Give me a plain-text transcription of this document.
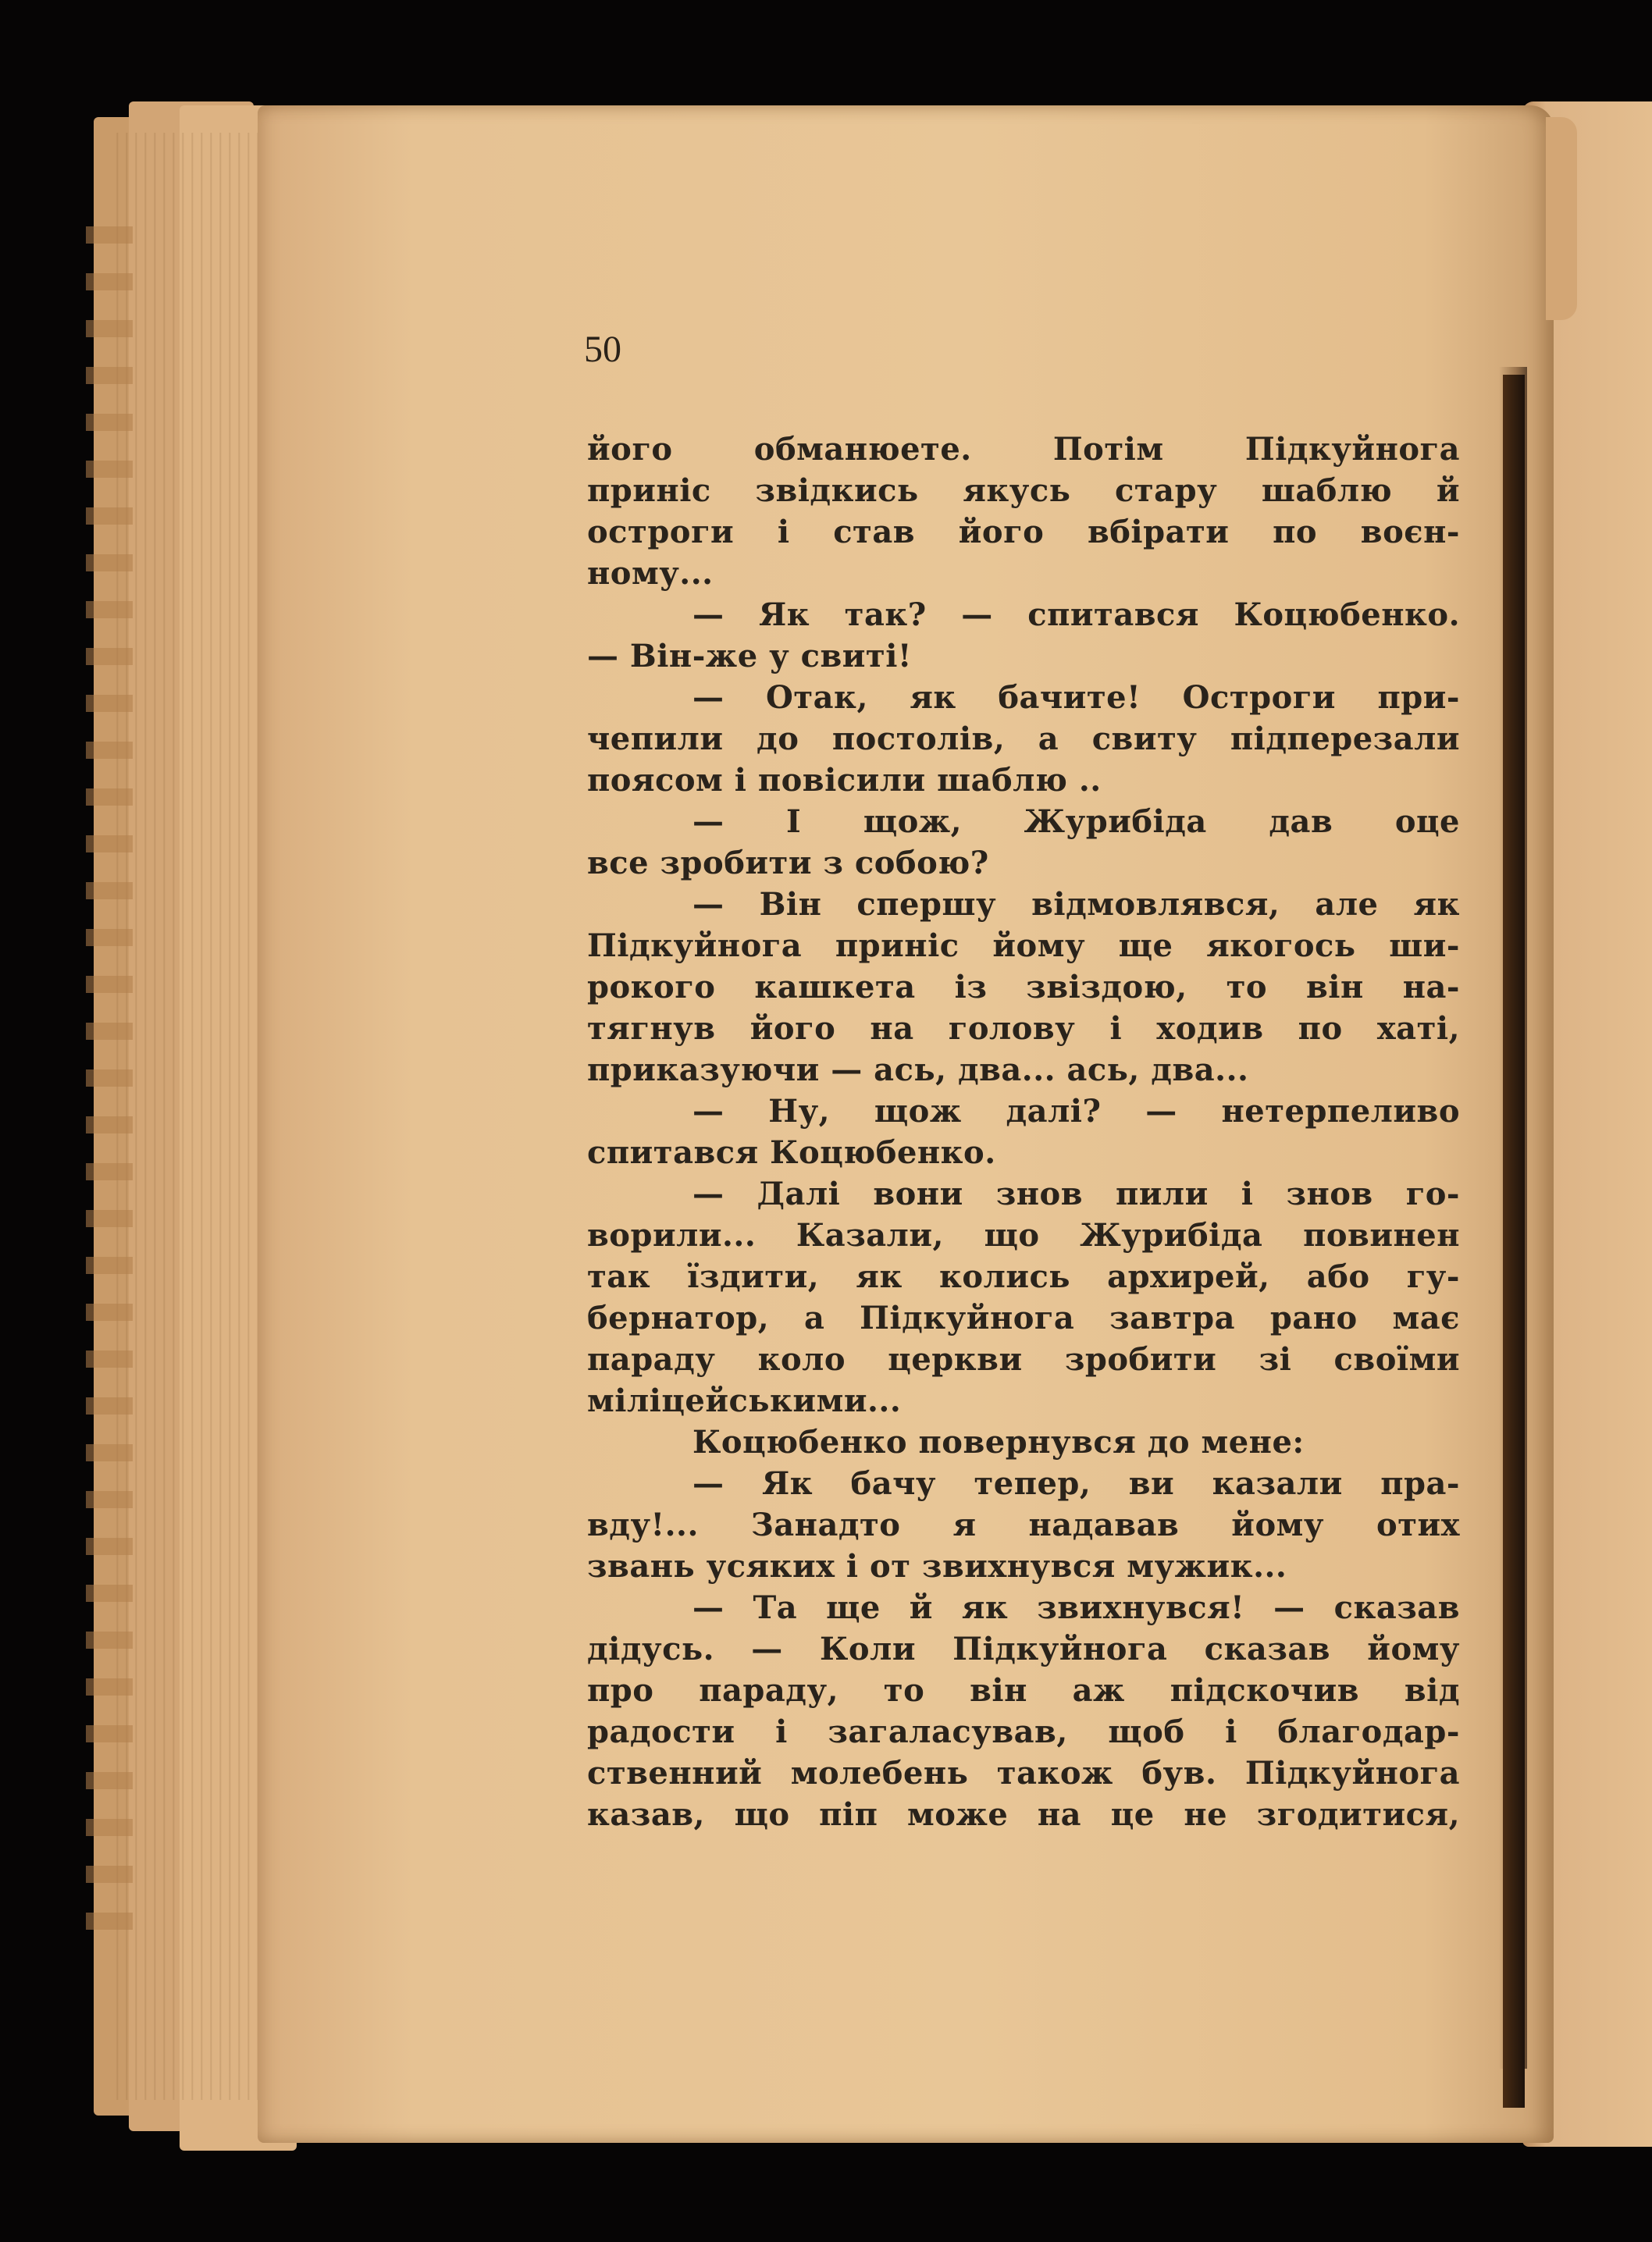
50
його обманюете. Потім Підкуйнога
приніс звідкись якусь стару шаблю й
остроги і став його вбірати по воєн-
ному...
— Як так? — спитався Коцюбенко.
— Він-же у свиті!
— Отак, як бачите! Остроги при-
чепили до постолів, а свиту підперезали
поясом і повісили шаблю ..
— І щож, Журибіда дав оце
все зробити з собою?
— Він спершу відмовлявся, але як
Підкуйнога приніс йому ще якогось ши-
рокого кашкета із звіздою, то він на-
тягнув його на голову і ходив по хаті,
приказуючи — ась, два... ась, два...
— Ну, щож далі? — нетерпеливо
спитався Коцюбенко.
— Далі вони знов пили і знов го-
ворили... Казали, що Журибіда повинен
так їздити, як колись архирей, або гу-
бернатор, а Підкуйнога завтра рано має
параду коло церкви зробити зі своїми
міліцейськими...
Коцюбенко повернувся до мене:
— Як бачу тепер, ви казали пра-
вду!... Занадто я надавав йому отих
звань усяких і от звихнувся мужик...
— Та ще й як звихнувся! — сказав
дідусь. — Коли Підкуйнога сказав йому
про параду, то він аж підскочив від
радости і загаласував, щоб і благодар-
ственний молебень також був. Підкуйнога
казав, що піп може на це не згодитися,
